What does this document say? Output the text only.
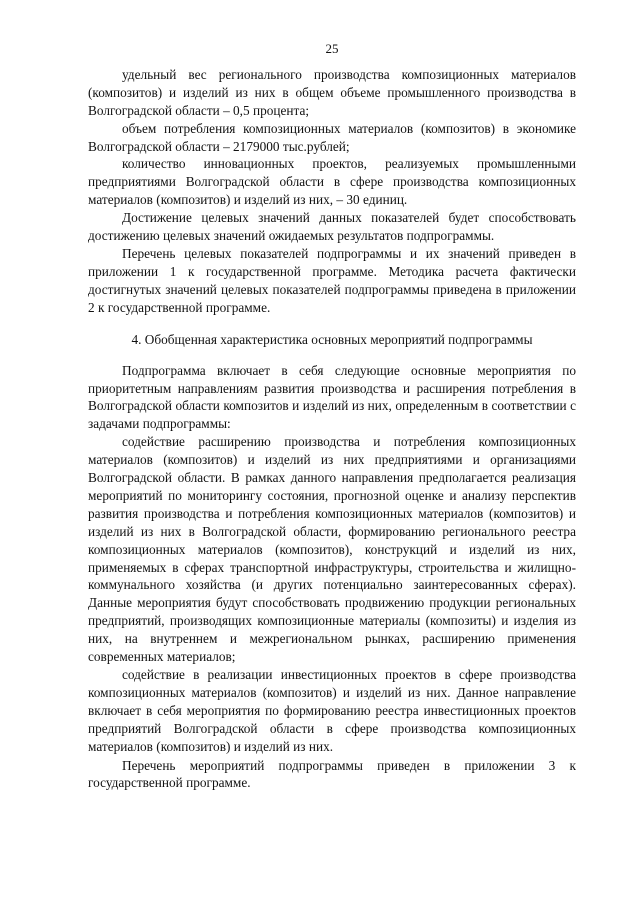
25

удельный вес регионального производства композиционных материалов (композитов) и изделий из них в общем объеме промышленного производства в Волгоградской области – 0,5 процента;

объем потребления композиционных материалов (композитов) в экономике Волгоградской области – 2179000 тыс.рублей;

количество инновационных проектов, реализуемых промышленными предприятиями Волгоградской области в сфере производства композиционных материалов (композитов) и изделий из них, – 30 единиц.

Достижение целевых значений данных показателей будет способствовать достижению целевых значений ожидаемых результатов подпрограммы.

Перечень целевых показателей подпрограммы и их значений приведен в приложении 1 к государственной программе. Методика расчета фактически достигнутых значений целевых показателей подпрограммы приведена в приложении 2 к государственной программе.

4. Обобщенная характеристика основных мероприятий подпрограммы

Подпрограмма включает в себя следующие основные мероприятия по приоритетным направлениям развития производства и расширения потребления в Волгоградской области композитов и изделий из них, определенным в соответствии с задачами подпрограммы:

содействие расширению производства и потребления композиционных материалов (композитов) и изделий из них предприятиями и организациями Волгоградской области. В рамках данного направления предполагается реализация мероприятий по мониторингу состояния, прогнозной оценке и анализу перспектив развития производства и потребления композиционных материалов (композитов) и изделий из них в Волгоградской области, формированию регионального реестра композиционных материалов (композитов), конструкций и изделий из них, применяемых в сферах транспортной инфраструктуры, строительства и жилищно-коммунального хозяйства (и других потенциально заинтересованных сферах). Данные мероприятия будут способствовать продвижению продукции региональных предприятий, производящих композиционные материалы (композиты) и изделия из них, на внутреннем и межрегиональном рынках, расширению применения современных материалов;

содействие в реализации инвестиционных проектов в сфере производства композиционных материалов (композитов) и изделий из них. Данное направление включает в себя мероприятия по формированию реестра инвестиционных проектов предприятий Волгоградской области в сфере производства композиционных материалов (композитов) и изделий из них.

Перечень мероприятий подпрограммы приведен в приложении 3 к государственной программе.
